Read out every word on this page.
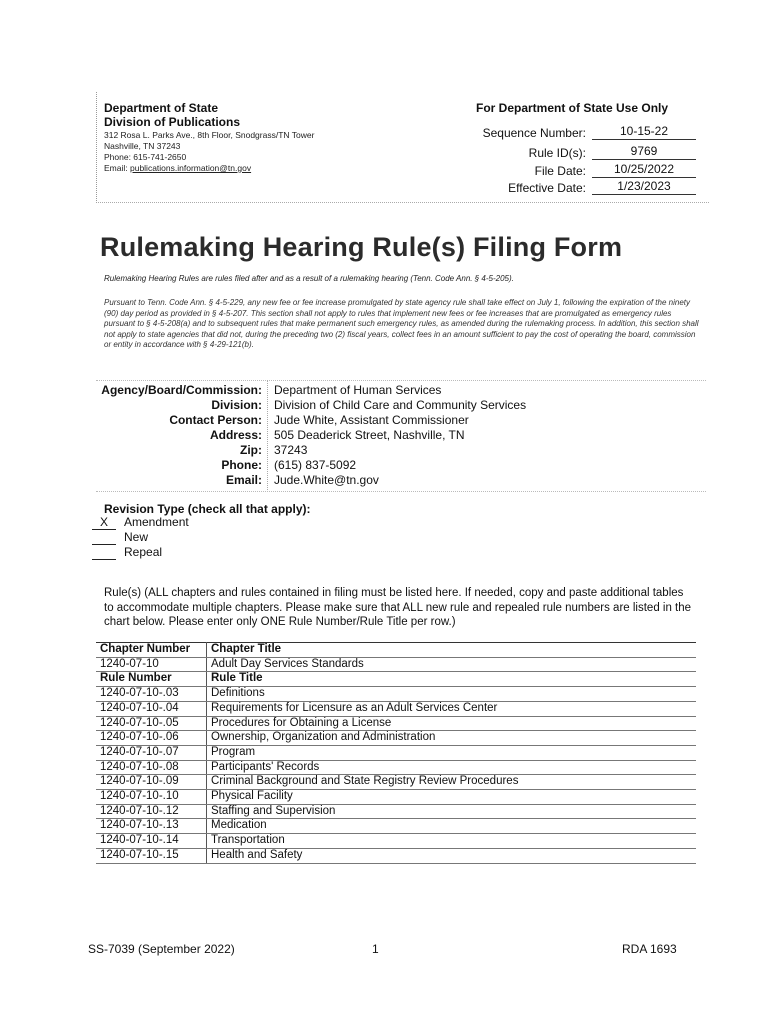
Department of State
Division of Publications
312 Rosa L. Parks Ave., 8th Floor, Snodgrass/TN Tower
Nashville, TN 37243
Phone: 615-741-2650
Email: publications.information@tn.gov
For Department of State Use Only
Sequence Number:	10-15-22
Rule ID(s):	9769
File Date:	10/25/2022
Effective Date:	1/23/2023
Rulemaking Hearing Rule(s) Filing Form
Rulemaking Hearing Rules are rules filed after and as a result of a rulemaking hearing (Tenn. Code Ann. § 4-5-205).
Pursuant to Tenn. Code Ann. § 4-5-229, any new fee or fee increase promulgated by state agency rule shall take effect on July 1, following the expiration of the ninety (90) day period as provided in § 4-5-207. This section shall not apply to rules that implement new fees or fee increases that are promulgated as emergency rules pursuant to § 4-5-208(a) and to subsequent rules that make permanent such emergency rules, as amended during the rulemaking process. In addition, this section shall not apply to state agencies that did not, during the preceding two (2) fiscal years, collect fees in an amount sufficient to pay the cost of operating the board, commission or entity in accordance with § 4-29-121(b).
Agency/Board/Commission: Department of Human Services
Division: Division of Child Care and Community Services
Contact Person: Jude White, Assistant Commissioner
Address: 505 Deaderick Street, Nashville, TN
Zip: 37243
Phone: (615) 837-5092
Email: Jude.White@tn.gov
Revision Type (check all that apply):
X	Amendment
New
Repeal
Rule(s) (ALL chapters and rules contained in filing must be listed here. If needed, copy and paste additional tables to accommodate multiple chapters. Please make sure that ALL new rule and repealed rule numbers are listed in the chart below. Please enter only ONE Rule Number/Rule Title per row.)
Chapter Number	Chapter Title
1240-07-10	Adult Day Services Standards
Rule Number	Rule Title
1240-07-10-.03	Definitions
1240-07-10-.04	Requirements for Licensure as an Adult Services Center
1240-07-10-.05	Procedures for Obtaining a License
1240-07-10-.06	Ownership, Organization and Administration
1240-07-10-.07	Program
1240-07-10-.08	Participants' Records
1240-07-10-.09	Criminal Background and State Registry Review Procedures
1240-07-10-.10	Physical Facility
1240-07-10-.12	Staffing and Supervision
1240-07-10-.13	Medication
1240-07-10-.14	Transportation
1240-07-10-.15	Health and Safety
SS-7039 (September 2022)	1	RDA 1693
